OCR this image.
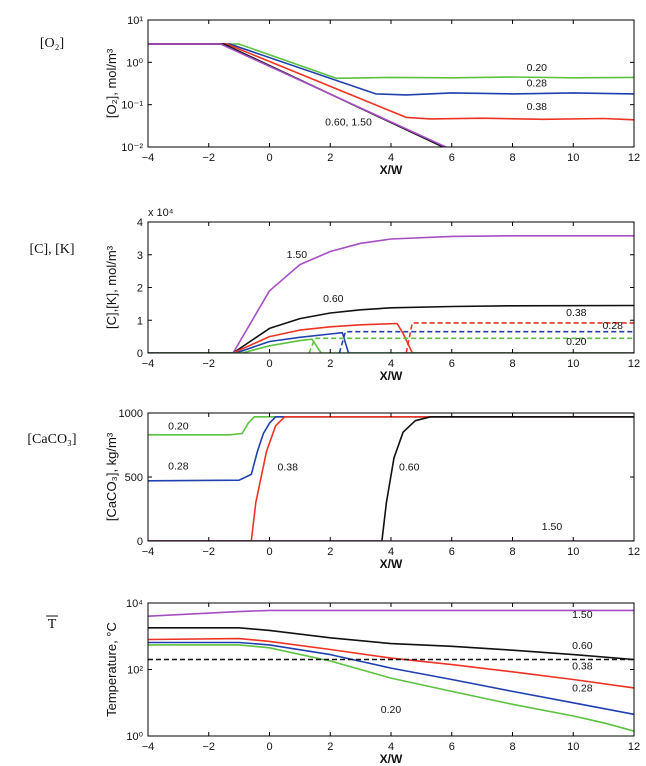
−4	−2	0	2	4	6	8	10	12
10⁻²
10⁻¹
10⁰
10¹
X/W
[O₂], mol/m³
[O₂]
0.20
0.28
0.38
0.60, 1.50
−4	−2	0	2	4	6	8	10	12
0
1
2
3
4
x 10⁴
X/W
[C],[K], mol/m³
[C], [K]	1.50
0.60
0.38
0.28
0.20
−4	−2	0	2	4	6	8	10	12
0
500
1000
X/W
[CaCO₃], kg/m³
[CaCO₃]
0.20
0.28	0.38	0.60
1.50
−4	−2	0	2	4	6	8	10	12
10⁰
10²
10⁴
X/W
Temperature, °C
T
1.50
0.60
0.38
0.28
0.20
